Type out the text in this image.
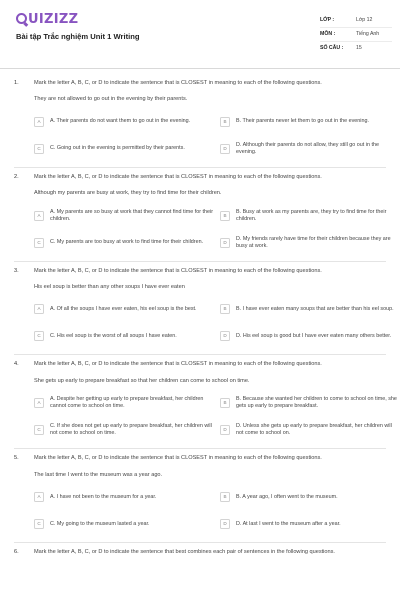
UIZIZZ
Bài tập Trắc nghiệm Unit 1 Writing
LỚP :	Lớp 12
MÔN :	Tiếng Anh
SỐ CÂU : 15
1.	Mark the letter A, B, C, or D to indicate the sentence that is CLOSEST in meaning to each of the following questions.
They are not allowed to go out in the evening by their parents.
A	A. Their parents do not want them to go out in the evening.	B	B. Their parents never let them to go out in the evening.
C	C. Going out in the evening is permitted by their parents.	D
D. Although their parents do not allow, they still go out in the evening.
2.	Mark the letter A, B, C, or D to indicate the sentence that is CLOSEST in meaning to each of the following questions.
Although my parents are busy at work, they try to find time for their children.
A
A. My parents are so busy at work that they cannot find time for their children.
B
B. Busy at work as my parents are, they try to find time for their children.
C	C. My parents are too busy at work to find time for their children.	D
D. My friends rarely have time for their children because they are busy at work.
3.	Mark the letter A, B, C, or D to indicate the sentence that is CLOSEST in meaning to each of the following questions.
His eel soup is better than any other soups I have ever eaten
A	A. Of all the soups I have ever eaten, his eel soup is the best.	B	B. I have ever eaten many soups that are better than his eel soup.
C	C. His eel soup is the worst of all soups I have eaten.	D	D. His eel soup is good but I have ever eaten many others better.
4.	Mark the letter A, B, C, or D to indicate the sentence that is CLOSEST in meaning to each of the following questions.
She gets up early to prepare breakfast so that her children can come to school on time.
A
A. Despite her getting up early to prepare breakfast, her children cannot come to school on time.
B
B. Because she wanted her children to come to school on time, she gets up early to prepare breakfast.
C
C. If she does not get up early to prepare breakfast, her children will not come to school on time.
D
D. Unless she gets up early to prepare breakfast, her children will not come to school on.
5.	Mark the letter A, B, C, or D to indicate the sentence that is CLOSEST in meaning to each of the following questions.
The last time I went to the museum was a year ago.
A	A. I have not been to the museum for a year.	B	B. A year ago, I often went to the museum.
C	C. My going to the museum lasted a year.	D	D. At last I went to the museum after a year.
6.	Mark the letter A, B, C, or D to indicate the sentence that best combines each pair of sentences in the following questions.
